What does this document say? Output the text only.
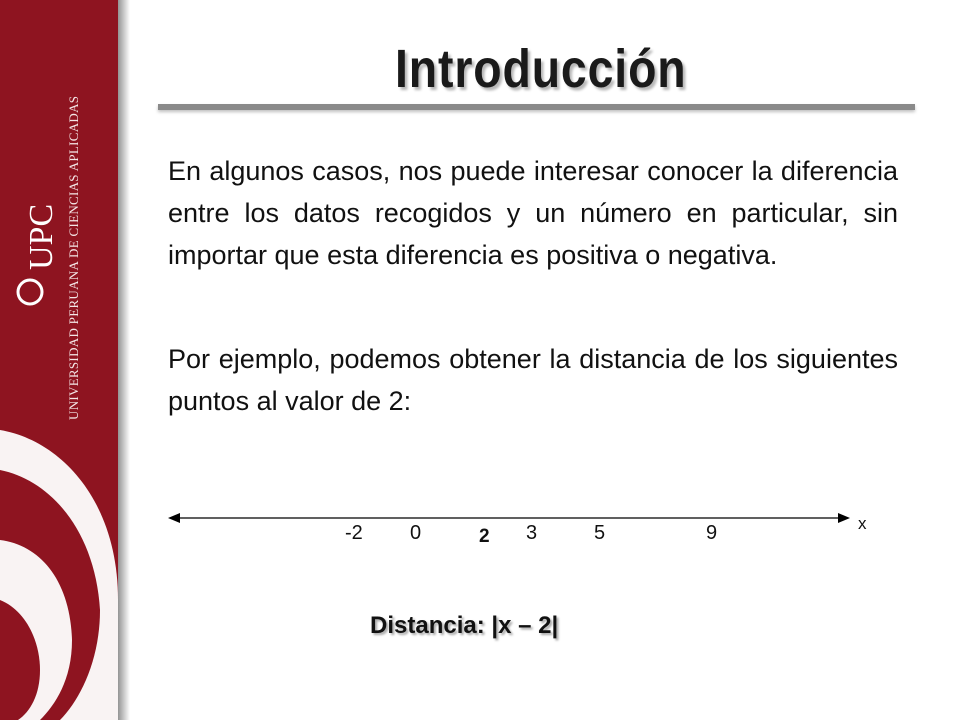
UNIVERSIDAD PERUANA DE CIENCIAS APLICADAS
UPC
Introducción

En algunos casos, nos puede interesar conocer la diferencia entre los datos recogidos y un número en particular, sin importar que esta diferencia es positiva o negativa.

Por ejemplo, podemos obtener la distancia de los siguientes puntos al valor de 2:

x
-2 0	2 3	5	9
Distancia: |x – 2|
